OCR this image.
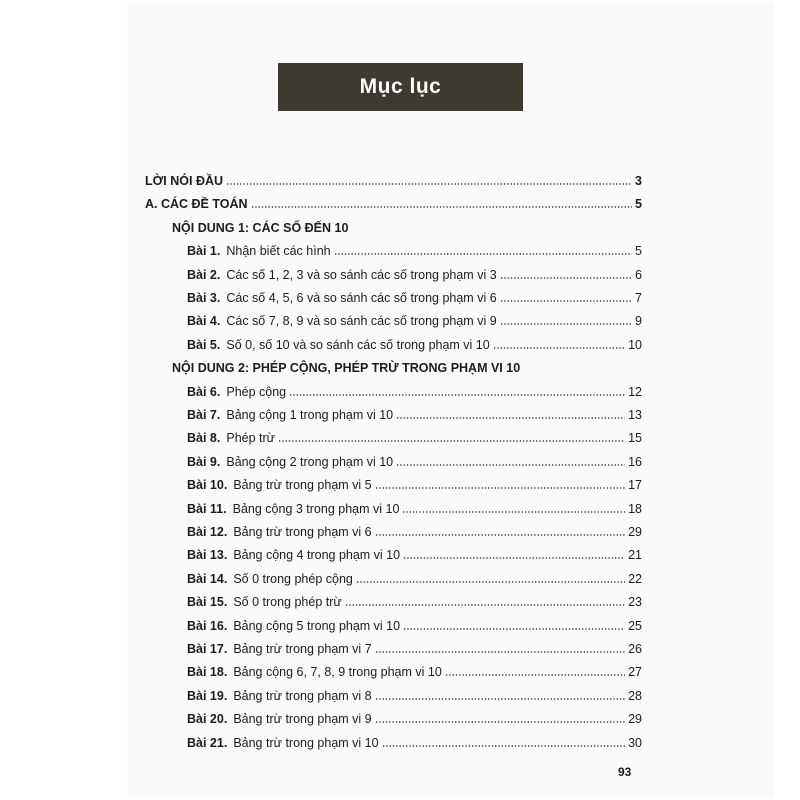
Mục lục
LỜI NÓI ĐẦU	3
A. CÁC ĐỀ TOÁN	5
NỘI DUNG 1: CÁC SỐ ĐẾN 10
Bài 1. Nhận biết các hình	5
Bài 2. Các số 1, 2, 3 và so sánh các số trong phạm vi 3	6
Bài 3. Các số 4, 5, 6 và so sánh các số trong phạm vi 6	7
Bài 4. Các số 7, 8, 9 và so sánh các số trong phạm vi 9	9
Bài 5. Số 0, số 10 và so sánh các số trong phạm vi 10	10
NỘI DUNG 2: PHÉP CỘNG, PHÉP TRỪ TRONG PHẠM VI 10
Bài 6. Phép cộng	12
Bài 7. Bảng cộng 1 trong phạm vi 10	13
Bài 8. Phép trừ	15
Bài 9. Bảng cộng 2 trong phạm vi 10	16
Bài 10. Bảng trừ trong phạm vi 5	17
Bài 11. Bảng cộng 3 trong phạm vi 10	18
Bài 12. Bảng trừ trong phạm vi 6	29
Bài 13. Bảng cộng 4 trong phạm vi 10	21
Bài 14. Số 0 trong phép cộng	22
Bài 15. Số 0 trong phép trừ	23
Bài 16. Bảng cộng 5 trong phạm vi 10	25
Bài 17. Bảng trừ trong phạm vi 7	26
Bài 18. Bảng cộng 6, 7, 8, 9 trong phạm vi 10	27
Bài 19. Bảng trừ trong phạm vi 8	28
Bài 20. Bảng trừ trong phạm vi 9	29
Bài 21. Bảng trừ trong phạm vi 10	30
93
